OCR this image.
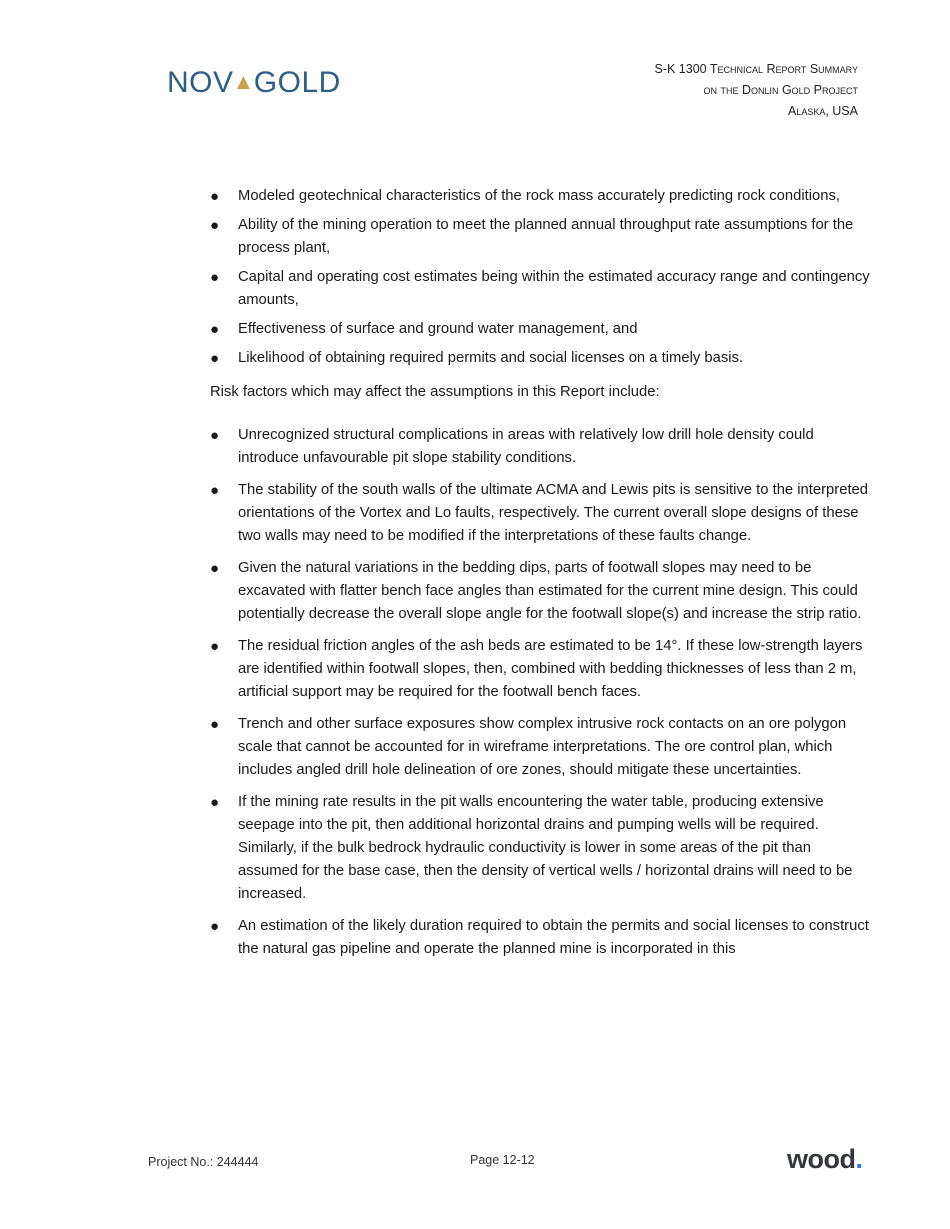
NOV▲GOLD	S-K 1300 Technical Report Summary
on the Donlin Gold Project
Alaska, USA
● Modeled geotechnical characteristics of the rock mass accurately predicting rock conditions,
● Ability of the mining operation to meet the planned annual throughput rate assumptions for the process plant,
● Capital and operating cost estimates being within the estimated accuracy range and contingency amounts,
● Effectiveness of surface and ground water management, and
● Likelihood of obtaining required permits and social licenses on a timely basis.

Risk factors which may affect the assumptions in this Report include:

● Unrecognized structural complications in areas with relatively low drill hole density could introduce unfavourable pit slope stability conditions.
● The stability of the south walls of the ultimate ACMA and Lewis pits is sensitive to the interpreted orientations of the Vortex and Lo faults, respectively. The current overall slope designs of these two walls may need to be modified if the interpretations of these faults change.
● Given the natural variations in the bedding dips, parts of footwall slopes may need to be excavated with flatter bench face angles than estimated for the current mine design. This could potentially decrease the overall slope angle for the footwall slope(s) and increase the strip ratio.
● The residual friction angles of the ash beds are estimated to be 14°. If these low-strength layers are identified within footwall slopes, then, combined with bedding thicknesses of less than 2 m, artificial support may be required for the footwall bench faces.
● Trench and other surface exposures show complex intrusive rock contacts on an ore polygon scale that cannot be accounted for in wireframe interpretations. The ore control plan, which includes angled drill hole delineation of ore zones, should mitigate these uncertainties.
● If the mining rate results in the pit walls encountering the water table, producing extensive seepage into the pit, then additional horizontal drains and pumping wells will be required. Similarly, if the bulk bedrock hydraulic conductivity is lower in some areas of the pit than assumed for the base case, then the density of vertical wells / horizontal drains will need to be increased.
● An estimation of the likely duration required to obtain the permits and social licenses to construct the natural gas pipeline and operate the planned mine is incorporated in this
Project No.: 244444	Page 12-12	wood.
